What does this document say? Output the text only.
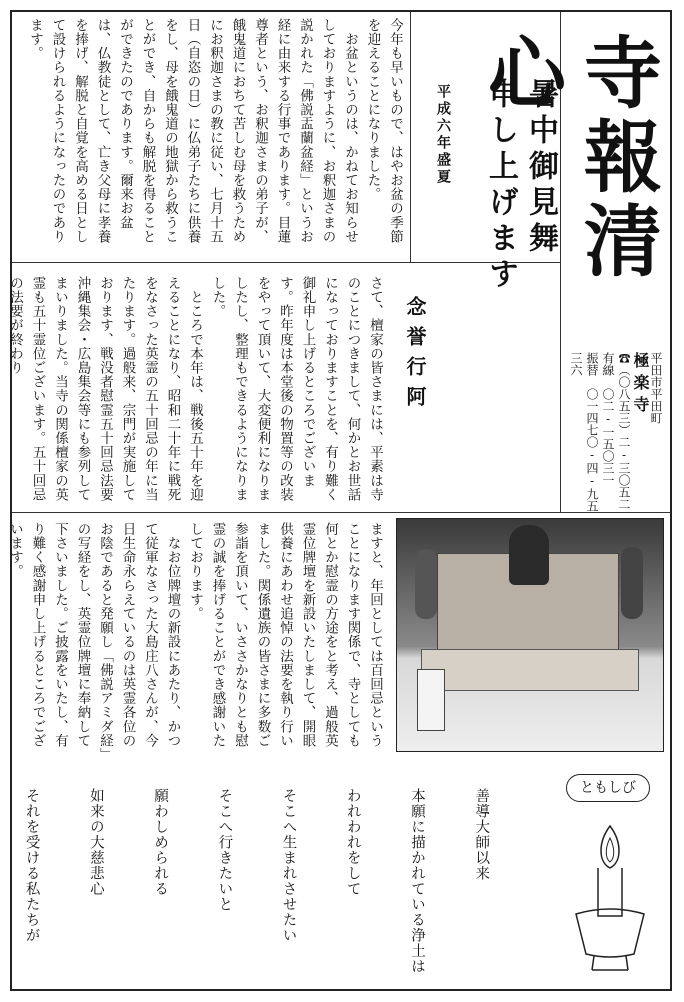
寺報清心
平田市平田町
極楽寺
☎（〇八五三）二‐三〇五二
有線　〇二‐一五〇三一
振替　〇一四七〇‐四‐九五三六
暑中御見舞
申し上げます
平成六年盛夏
今年も早いもので、はやお盆の季節を迎えることになりました。
　お盆というのは、かねてお知らせしておりますように、お釈迦さまの説かれた「佛説盂蘭盆経」というお経に由来する行事であります。目蓮尊者という、お釈迦さまの弟子が、餓鬼道におちて苦しむ母を救うためにお釈迦さまの教に従い、七月十五日（自恣の日）に仏弟子たちに供養をし、母を餓鬼道の地獄から救うことができ、自からも解脱を得ることができたのであります。爾来お盆は、仏教徒として、亡き父母に孝養を捧げ、解脱と自覚を高める日として設けられるようになったのであります。
念誉行阿
さて、檀家の皆さまには、平素は寺のことにつきまして、何かとお世話になっておりますことを、有り難く御礼申し上げるところでございます。昨年度は本堂後の物置等の改装をやって頂いて、大変便利になりましたし、整理もできるようになりました。
　ところで本年は、戦後五十年を迎えることになり、昭和二十年に戦死をなさった英霊の五十回忌の年に当たります。過般来、宗門が実施しております、戦没者慰霊五十回忌法要沖縄集会・広島集会等にも参列してまいりました。当寺の関係檀家の英霊も五十霊位ございます。五十回忌の法要が終わり
ますと、年回としては百回忌ということになります関係で、寺としても何とか慰霊の方途をと考え、過般英霊位牌壇を新設いたしまして、開眼供養にあわせ追悼の法要を執り行いました。関係遺族の皆さまに多数ご参詣を頂いて、いささかなりとも慰霊の誠を捧げることができ感謝いたしております。
　なお位牌壇の新設にあたり、かつて従軍なさった大島庄八さんが、今日生命永らえているのは英霊各位のお陰であると発願し「佛説アミダ経」の写経をし、英霊位牌壇に奉納して下さいました。ご披露をいたし、有り難く感謝申し上げるところでございます。

善導大師以来

本願に描かれている浄土は

われわれをして

そこへ生まれさせたい

そこへ行きたいと

願わしめられる

如来の大慈悲心

それを受ける私たちが

	ともしび
